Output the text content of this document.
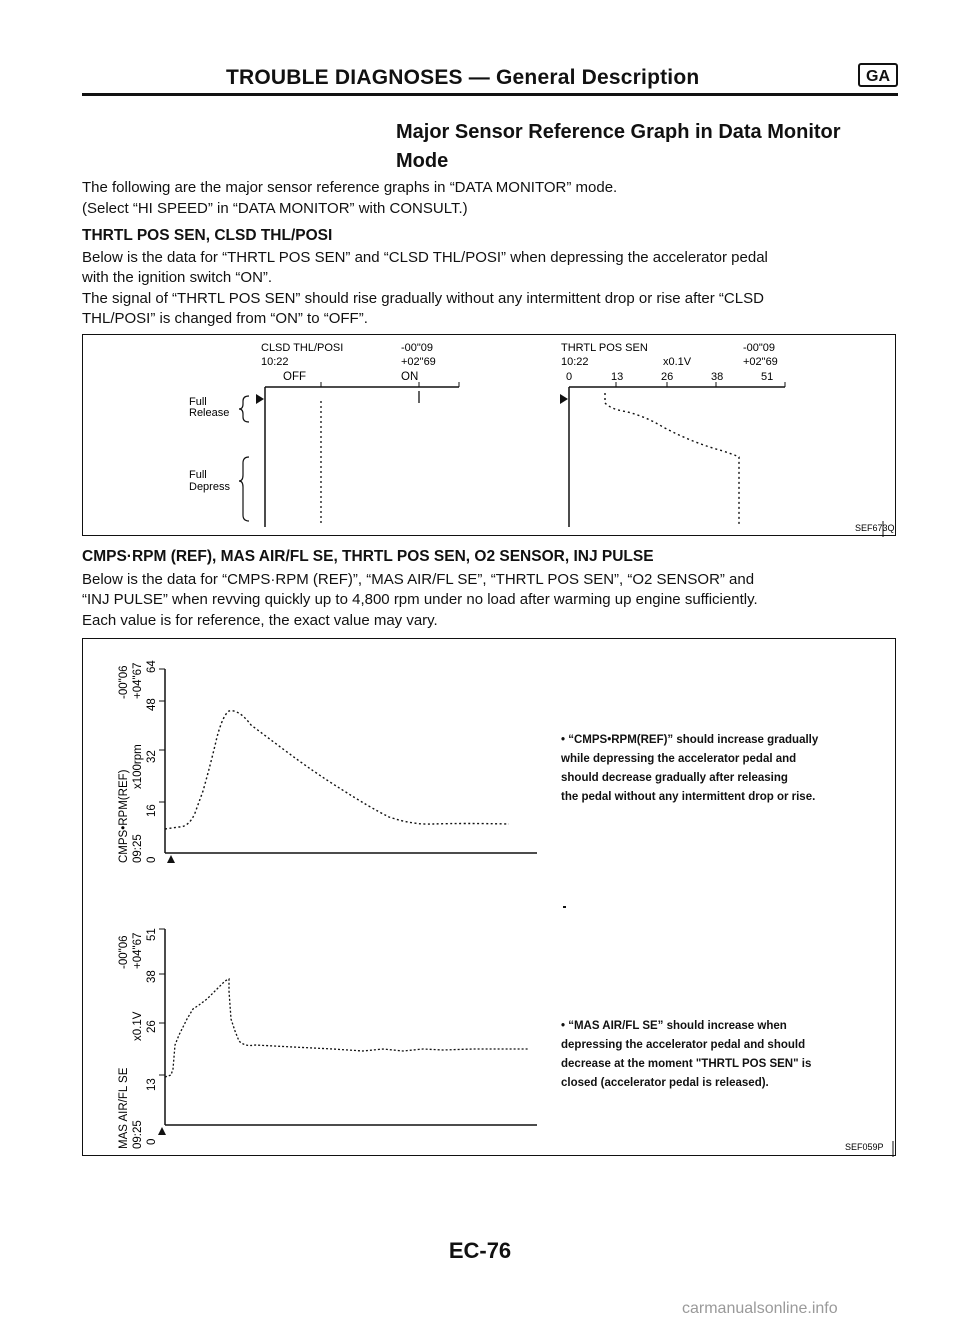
TROUBLE DIAGNOSES — General Description	GA
Major Sensor Reference Graph in Data Monitor Mode
The following are the major sensor reference graphs in “DATA MONITOR” mode.
(Select “HI SPEED” in “DATA MONITOR” with CONSULT.)
THRTL POS SEN, CLSD THL/POSI
Below is the data for “THRTL POS SEN” and “CLSD THL/POSI” when depressing the accelerator pedal
with the ignition switch “ON”.
The signal of “THRTL POS SEN” should rise gradually without any intermittent drop or rise after “CLSD
THL/POSI” is changed from “ON” to “OFF”.
CLSD THL/POSI
10:22
-00"09
+02"69
OFF	ON
Full
Release
Full
Depress
THRTL POS SEN
10:22	x0.1V
-00"09
+02"69
0	13	26	38	51
SEF673Q
CMPS·RPM (REF), MAS AIR/FL SE, THRTL POS SEN, O2 SENSOR, INJ PULSE
Below is the data for “CMPS·RPM (REF)”, “MAS AIR/FL SE”, “THRTL POS SEN”, “O2 SENSOR” and
“INJ PULSE” when revving quickly up to 4,800 rpm under no load after warming up engine sufficiently.
Each value is for reference, the exact value may vary.
CMPS•RPM(REF) 09:25
x100rpm
-00"06 +04"67
0
16
32
48
64
MAS AIR/FL SE 09:25
x0.1V
-00"06 +04"67
0
13
26
38
51
SEF059P
• “CMPS•RPM(REF)” should increase gradually
while depressing the accelerator pedal and
should decrease gradually after releasing
the pedal without any intermittent drop or rise.
• “MAS AIR/FL SE” should increase when
depressing the accelerator pedal and should
decrease at the moment "THRTL POS SEN" is
closed (accelerator pedal is released).
EC-76
carmanualsonline.info
